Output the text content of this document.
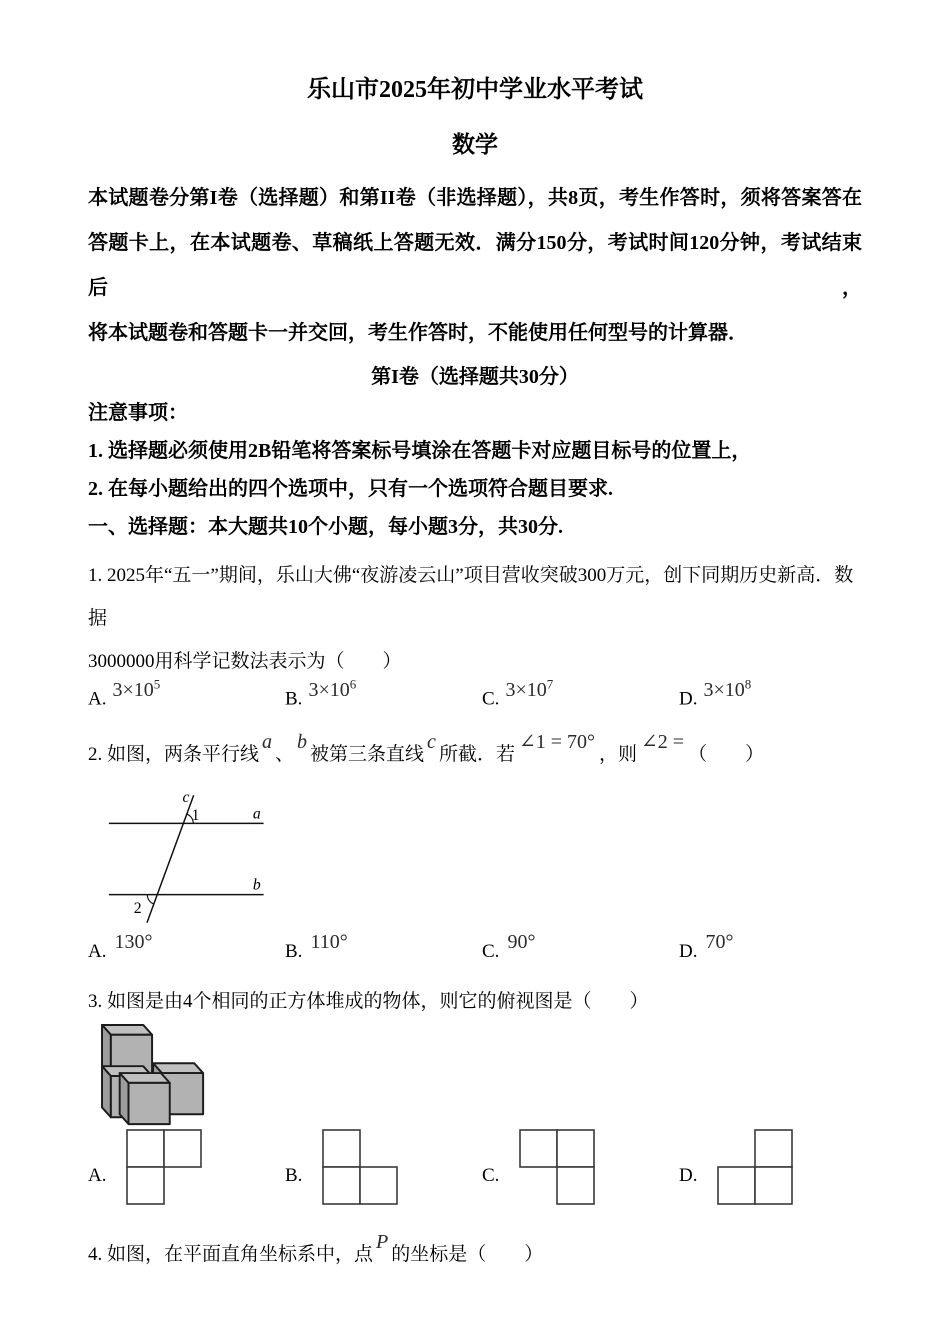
乐山市2025年初中学业水平考试
数学
本试题卷分第I卷（选择题）和第II卷（非选择题），共8页，考生作答时，须将答案答在
答题卡上，在本试题卷、草稿纸上答题无效．满分150分，考试时间120分钟，考试结束后，
将本试题卷和答题卡一并交回，考生作答时，不能使用任何型号的计算器．
第I卷（选择题共30分）
注意事项：
1. 选择题必须使用2B铅笔将答案标号填涂在答题卡对应题目标号的位置上，
2. 在每小题给出的四个选项中，只有一个选项符合题目要求.
一、选择题：本大题共10个小题，每小题3分，共30分.
1. 2025年“五一”期间，乐山大佛“夜游凌云山”项目营收突破300万元，创下同期历史新高．数据
3000000用科学记数法表示为（　　）
A. $3\times 10^5$
B. $3\times 10^6$
C. $3\times 10^7$
D. $3\times 10^8$
2. 如图，两条平行线a、b被第三条直线c所截．若∠1 = 70°，则∠2 =（　　）
c
1	a
2
b
A. 130°	B. 110°	C. 90°	D. 70°
3. 如图是由4个相同的正方体堆成的物体，则它的俯视图是（　　）
A.	B.	C.	D.
4. 如图，在平面直角坐标系中，点P的坐标是（　　）
